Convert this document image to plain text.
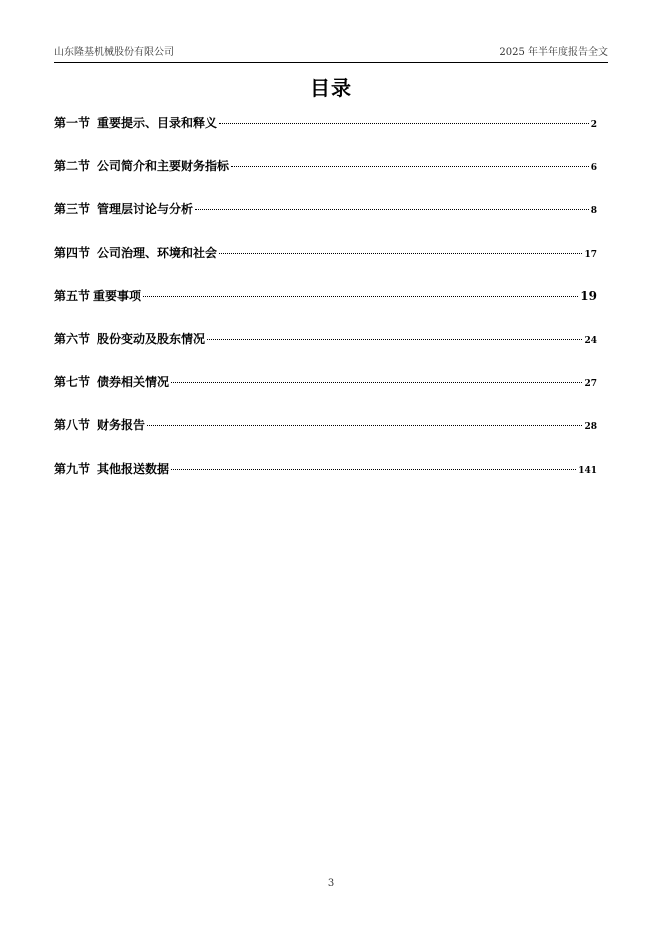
山东隆基机械股份有限公司	2025 年半年度报告全文
目录
第一节 重要提示、目录和释义	2
第二节 公司简介和主要财务指标	6
第三节 管理层讨论与分析	8
第四节 公司治理、环境和社会	17
第五节 重要事项	19
第六节 股份变动及股东情况	24
第七节 债券相关情况	27
第八节 财务报告	28
第九节 其他报送数据	141
3
